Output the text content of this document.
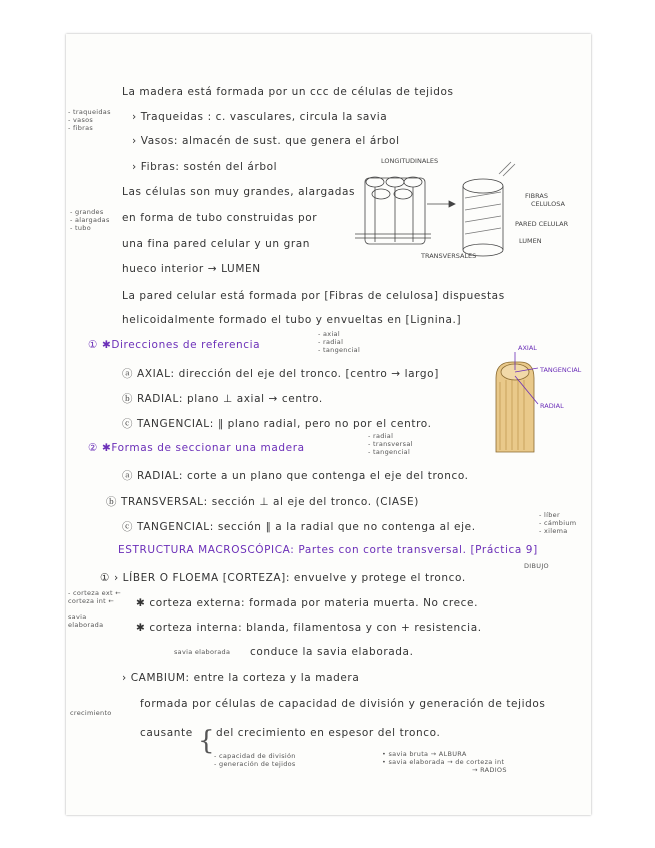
La madera está formada por un ccc de células de tejidos
- traqueidas
- vasos
- fibras
› Traqueidas : c. vasculares, circula la savia
› Vasos: almacén de sust. que genera el árbol
› Fibras: sostén del árbol
Las células son muy grandes, alargadas
- grandes
- alargadas
- tubo
en forma de tubo construidas por
una fina pared celular y un gran
hueco interior → LUMEN
LONGITUDINALES
FIBRAS
CELULOSA
PARED CELULAR
LUMEN
TRANSVERSALES
La pared celular está formada por [Fibras de celulosa] dispuestas
helicoidalmente formado el tubo y envueltas en [Lignina.]
① ✱Direcciones de referencia
- axial
- radial
- tangencial
ⓐ AXIAL: dirección del eje del tronco. [centro → largo]
ⓑ RADIAL: plano ⊥ axial → centro.
ⓒ TANGENCIAL: ∥ plano radial, pero no por el centro.
AXIAL
TANGENCIAL
RADIAL
② ✱Formas de seccionar una madera
- radial
- transversal
- tangencial
ⓐ RADIAL: corte a un plano que contenga el eje del tronco.
ⓑ TRANSVERSAL: sección ⊥ al eje del tronco. (CIASE)
ⓒ TANGENCIAL: sección ∥ a la radial que no contenga al eje.
- líber
- cámbium
- xilema
ESTRUCTURA MACROSCÓPICA: Partes con corte transversal. [Práctica 9]
DIBUJO
① › LÍBER O FLOEMA [CORTEZA]: envuelve y protege el tronco.
- corteza ext ←
corteza int ←
savia
elaborada
✱ corteza externa: formada por materia muerta. No crece.
✱ corteza interna: blanda, filamentosa y con + resistencia.
savia elaborada conduce la savia elaborada.
› CAMBIUM: entre la corteza y la madera
crecimiento
formada por células de capacidad de división y generación de tejidos
causante { del crecimiento en espesor del tronco.
- capacidad de división
- generación de tejidos
• savia bruta → ALBURA
• savia elaborada → de corteza int
→ RADIOS
